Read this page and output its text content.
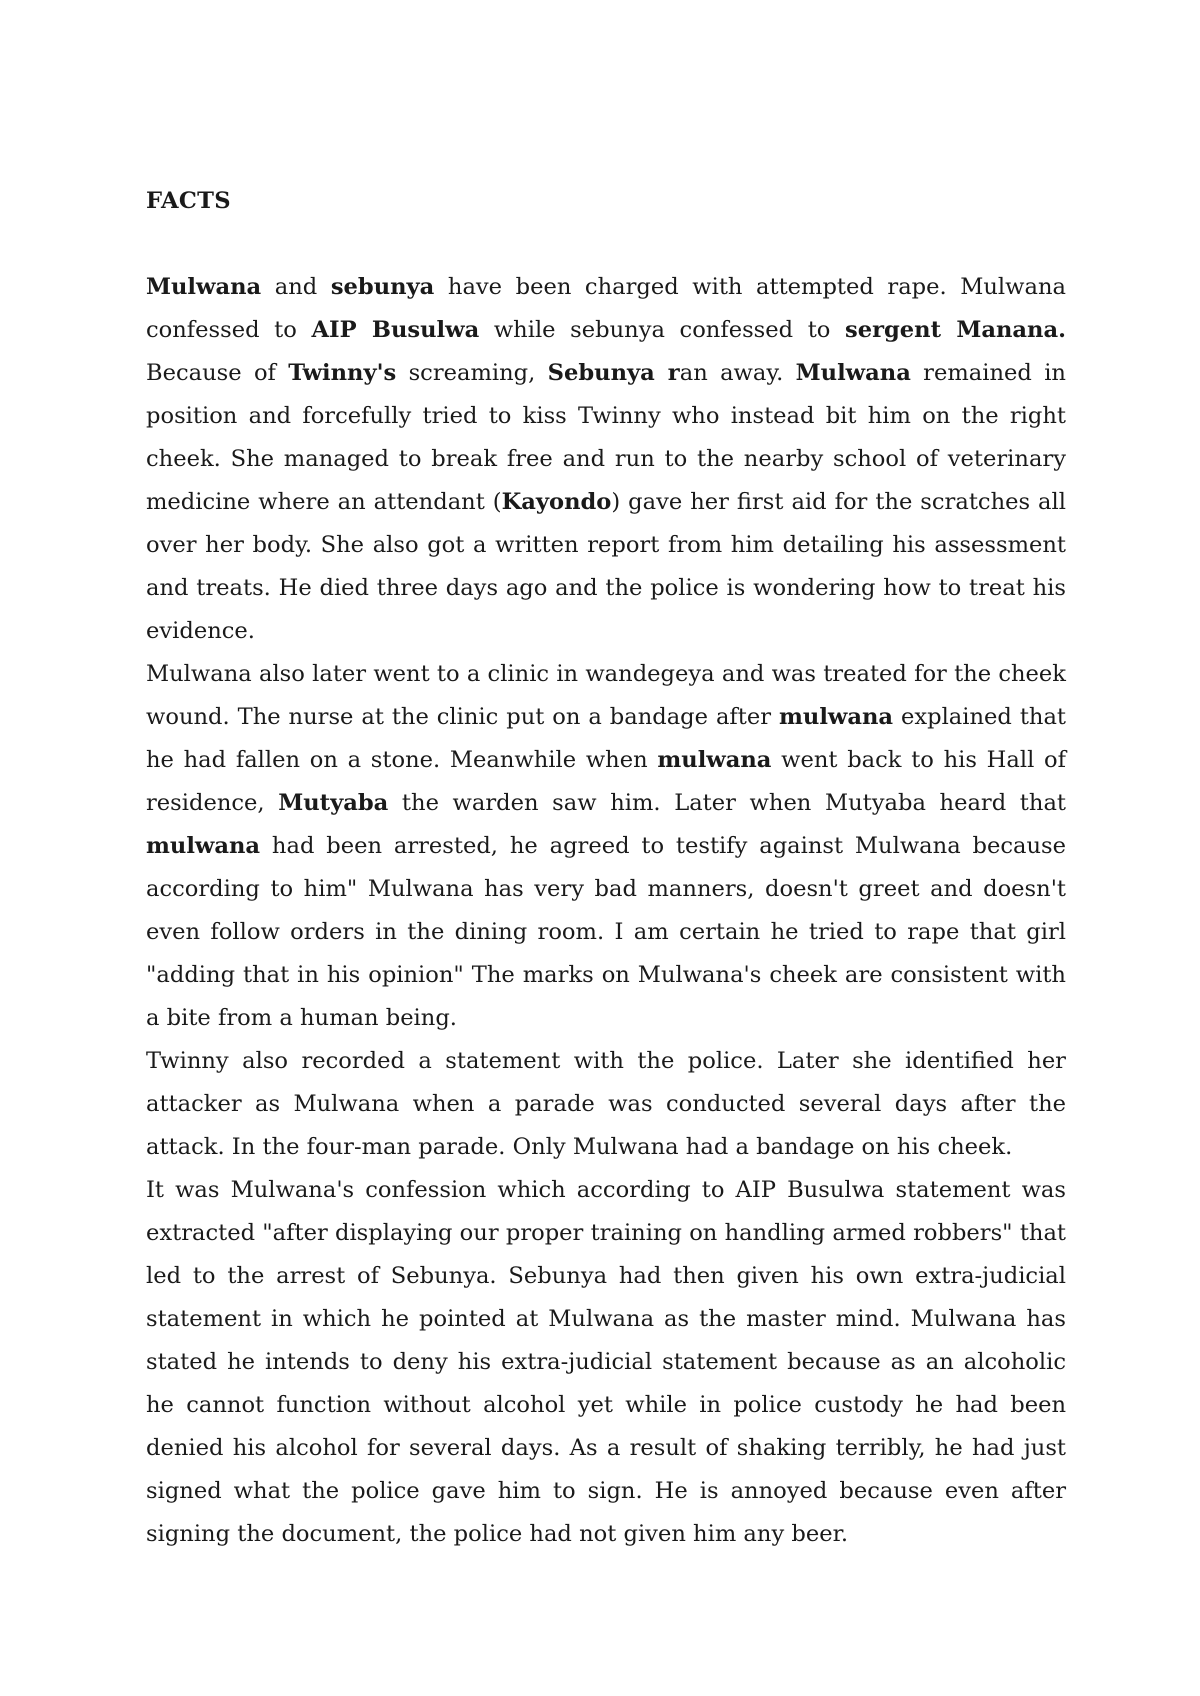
FACTS

Mulwana and sebunya have been charged with attempted rape. Mulwana confessed to AIP Busulwa while sebunya confessed to sergent Manana. Because of Twinny's screaming, Sebunya ran away. Mulwana remained in position and forcefully tried to kiss Twinny who instead bit him on the right cheek. She managed to break free and run to the nearby school of veterinary medicine where an attendant (Kayondo) gave her first aid for the scratches all over her body. She also got a written report from him detailing his assessment and treats. He died three days ago and the police is wondering how to treat his evidence.

Mulwana also later went to a clinic in wandegeya and was treated for the cheek wound. The nurse at the clinic put on a bandage after mulwana explained that he had fallen on a stone. Meanwhile when mulwana went back to his Hall of residence, Mutyaba the warden saw him. Later when Mutyaba heard that mulwana had been arrested, he agreed to testify against Mulwana because according to him" Mulwana has very bad manners, doesn't greet and doesn't even follow orders in the dining room. I am certain he tried to rape that girl "adding that in his opinion" The marks on Mulwana's cheek are consistent with a bite from a human being.

Twinny also recorded a statement with the police. Later she identified her attacker as Mulwana when a parade was conducted several days after the attack. In the four-man parade. Only Mulwana had a bandage on his cheek.

It was Mulwana's confession which according to AIP Busulwa statement was extracted "after displaying our proper training on handling armed robbers" that led to the arrest of Sebunya. Sebunya had then given his own extra-judicial statement in which he pointed at Mulwana as the master mind. Mulwana has stated he intends to deny his extra-judicial statement because as an alcoholic he cannot function without alcohol yet while in police custody he had been denied his alcohol for several days. As a result of shaking terribly, he had just signed what the police gave him to sign. He is annoyed because even after signing the document, the police had not given him any beer.
